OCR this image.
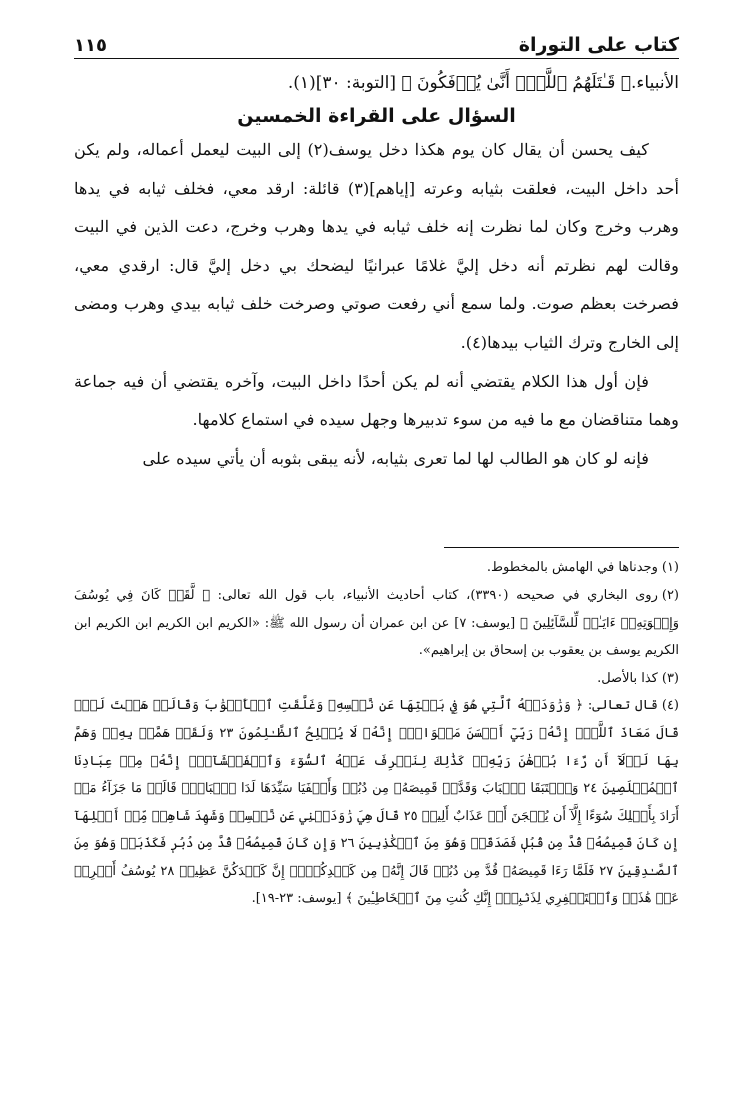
كتاب على التوراة
١١٥
الأنبياء.﴿ قَـٰتَلَهُمُ ٱللَّهُۚ أَنَّىٰ يُؤۡفَكُونَ ﴾ [التوبة: ٣٠](١).
السؤال على القراءة الخمسين

كيف يحسن أن يقال كان يوم هكذا دخل يوسف(٢) إلى البيت ليعمل أعماله، ولم يكن أحد داخل البيت، فعلقت بثيابه وعرته [إياهم](٣) قائلة: ارقد معي، فخلف ثيابه في يدها وهرب وخرج وكان لما نظرت إنه خلف ثيابه في يدها وهرب وخرج، دعت الذين في البيت وقالت لهم نظرتم أنه دخل إليَّ غلامًا عبرانيًا ليضحك بي دخل إليَّ قال: ارقدي معي، فصرخت بعظم صوت. ولما سمع أني رفعت صوتي وصرخت خلف ثيابه بيدي وهرب ومضى إلى الخارج وترك الثياب بيدها(٤).

فإن أول هذا الكلام يقتضي أنه لم يكن أحدًا داخل البيت، وآخره يقتضي أن فيه جماعة وهما متناقضان مع ما فيه من سوء تدبيرها وجهل سيده في استماع كلامها.

فإنه لو كان هو الطالب لها لما تعرى بثيابه، لأنه يبقى بثوبه أن يأتي سيده على

(١)وجدناها في الهامش بالمخطوط.

(٢)روى البخاري في صحيحه (٣٣٩٠)، كتاب أحاديث الأنبياء، باب قول الله تعالى: ﴿ لَّقَدۡ كَانَ فِي يُوسُفَ وَإِخۡوَتِهِۦٓ ءَايَـٰتٞ لِّلسَّآئِلِينَ ﴾ [يوسف: ٧] عن ابن عمران أن رسول الله ﷺ: «الكريم ابن الكريم ابن الكريم ابن الكريم يوسف بن يعقوب بن إسحاق بن إبراهيم».

(٣)كذا بالأصل.

(٤)قال تعالى: ﴿ وَرَٰوَدَتۡهُ ٱلَّتِي هُوَ فِي بَيۡتِهَا عَن نَّفۡسِهِۦ وَغَلَّقَتِ ٱلۡأَبۡوَٰبَ وَقَالَتۡ هَيۡتَ لَكَۚ قَالَ مَعَاذَ ٱللَّهِۖ إِنَّهُۥ رَبِّيٓ أَحۡسَنَ مَثۡوَايَۖ إِنَّهُۥ لَا يُفۡلِحُ ٱلظَّـٰلِمُونَ ٢٣ وَلَقَدۡ هَمَّتۡ بِهِۦۖ وَهَمَّ بِهَا لَوۡلَآ أَن رَّءَا بُرۡهَٰنَ رَبِّهِۦۚ كَذَٰلِكَ لِنَصۡرِفَ عَنۡهُ ٱلسُّوٓءَ وَٱلۡفَحۡشَآءَۚ إِنَّهُۥ مِنۡ عِبَادِنَا ٱلۡمُخۡلَصِينَ ٢٤ وَٱسۡتَبَقَا ٱلۡبَابَ وَقَدَّتۡ قَمِيصَهُۥ مِن دُبُرٖ وَأَلۡفَيَا سَيِّدَهَا لَدَا ٱلۡبَابِۚ قَالَتۡ مَا جَزَآءُ مَنۡ أَرَادَ بِأَهۡلِكَ سُوٓءًا إِلَّآ أَن يُسۡجَنَ أَوۡ عَذَابٌ أَلِيمٞ ٢٥ قَالَ هِيَ رَٰوَدَتۡنِي عَن نَّفۡسِيۚ وَشَهِدَ شَاهِدٞ مِّنۡ أَهۡلِهَآ إِن كَانَ قَمِيصُهُۥ قُدَّ مِن قُبُلٖ فَصَدَقَتۡ وَهُوَ مِنَ ٱلۡكَٰذِبِينَ ٢٦ وَإِن كَانَ قَمِيصُهُۥ قُدَّ مِن دُبُرٖ فَكَذَبَتۡ وَهُوَ مِنَ ٱلصَّـٰدِقِينَ ٢٧ فَلَمَّا رَءَا قَمِيصَهُۥ قُدَّ مِن دُبُرٖ قَالَ إِنَّهُۥ مِن كَيۡدِكُنَّۖ إِنَّ كَيۡدَكُنَّ عَظِيمٞ ٢٨ يُوسُفُ أَعۡرِضۡ عَنۡ هَٰذَاۚ وَٱسۡتَغۡفِرِي لِذَنۢبِكِۖ إِنَّكِ كُنتِ مِنَ ٱلۡخَاطِـِٔينَ ﴾ [يوسف: ٢٣-١٩].
